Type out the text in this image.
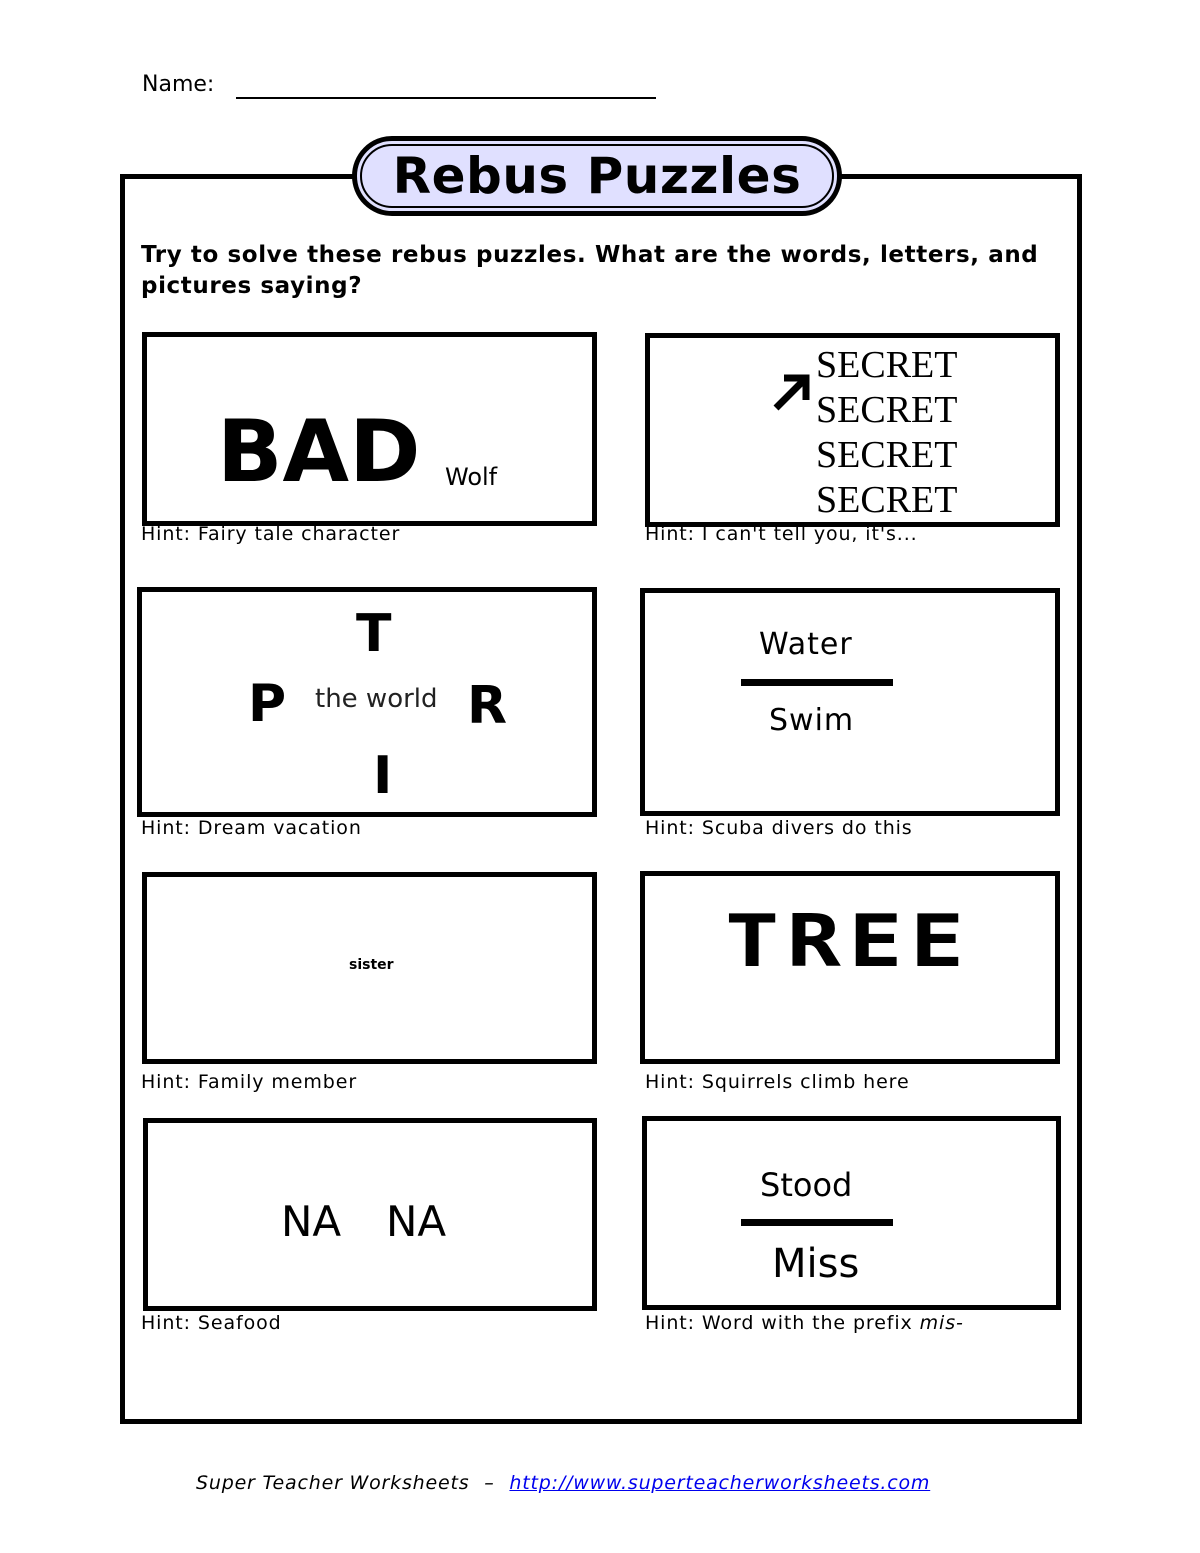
Name:
Rebus Puzzles
Try to solve these rebus puzzles. What are the words, letters, and pictures saying?
BAD Wolf
Hint: Fairy tale character
SECRET
SECRET
SECRET
SECRET
Hint: I can't tell you, it's...
T
P the world R
I
Hint: Dream vacation
Water
Swim
Hint: Scuba divers do this
sister
Hint: Family member
TREE
Hint: Squirrels climb here
NA NA
Hint: Seafood
Stood
Miss
Hint: Word with the prefix mis-
Super Teacher Worksheets – http://www.superteacherworksheets.com
